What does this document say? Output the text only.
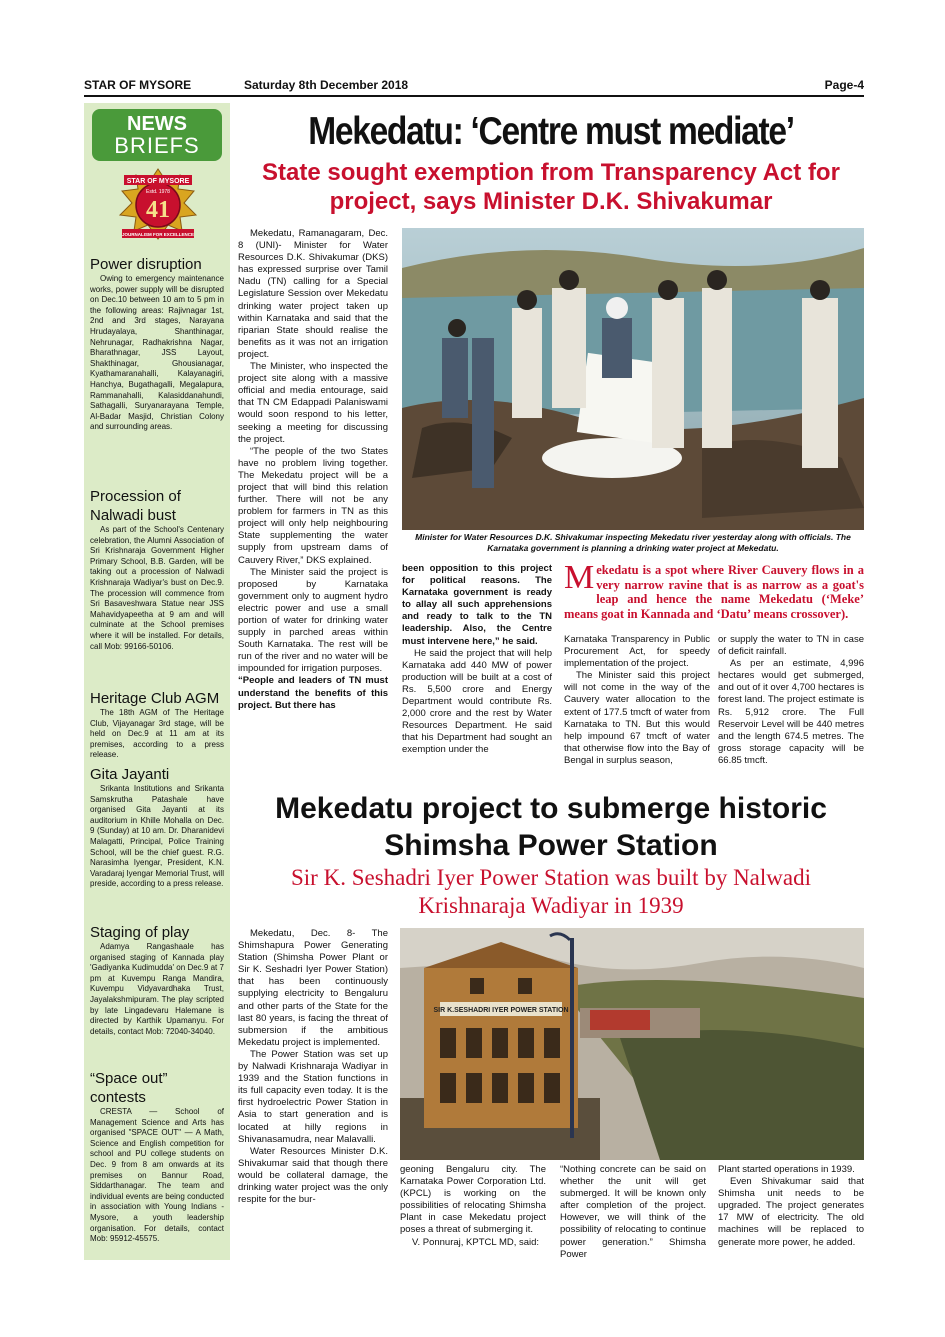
STAR OF MYSORE	Saturday 8th December 2018	Page-4
NEWS
BRIEFS
STAR OF MYSORE
Estd. 1978
41
JOURNALISM FOR EXCELLENCE
Power disruption

Owing to emergency maintenance works, power supply will be disrupted on Dec.10 between 10 am to 5 pm in the following areas: Rajivnagar 1st, 2nd and 3rd stages, Narayana Hrudayalaya, Shanthinagar, Nehrunagar, Radhakrishna Nagar, Bharathnagar, JSS Layout, Shakthinagar, Ghousianagar, Kyathamaranahalli, Kalayanagiri, Hanchya, Bugathagalli, Megalapura, Rammanahalli, Kalasiddanahundi, Sathagalli, Suryanarayana Temple, Al-Badar Masjid, Christian Colony and surrounding areas.

Procession of Nalwadi bust

As part of the School's Centenary celebration, the Alumni Association of Sri Krishnaraja Government Higher Primary School, B.B. Garden, will be taking out a procession of Nalwadi Krishnaraja Wadiyar's bust on Dec.9. The procession will commence from Sri Basaveshwara Statue near JSS Mahavidyapeetha at 9 am and will culminate at the School premises where it will be installed. For details, call Mob: 99166-50106.

Heritage Club AGM

The 18th AGM of The Heritage Club, Vijayanagar 3rd stage, will be held on Dec.9 at 11 am at its premises, according to a press release.

Gita Jayanti

Srikanta Institutions and Srikanta Samskrutha Patashale have organised Gita Jayanti at its auditorium in Khille Mohalla on Dec. 9 (Sunday) at 10 am. Dr. Dharanidevi Malagatti, Principal, Police Training School, will be the chief guest. R.G. Narasimha Iyengar, President, K.N. Varadaraj Iyengar Memorial Trust, will preside, according to a press release.

Staging of play

Adamya Rangashaale has organised staging of Kannada play 'Gadiyanka Kudimudda' on Dec.9 at 7 pm at Kuvempu Ranga Mandira, Kuvempu Vidyavardhaka Trust, Jayalakshmipuram. The play scripted by late Lingadevaru Halemane is directed by Karthik Upamanyu. For details, contact Mob: 72040-34040.

“Space out” contests

CRESTA — School of Management Science and Arts has organised "SPACE OUT" — A Math, Science and English competition for school and PU college students on Dec. 9 from 8 am onwards at its premises on Bannur Road, Siddarthanagar. The team and individual events are being conducted in association with Young Indians - Mysore, a youth leadership organisation. For details, contact Mob: 95912-45575.

Mekedatu: ‘Centre must mediate’
State sought exemption from Transparency Act for project, says Minister D.K. Shivakumar

Mekedatu, Ramanagaram, Dec. 8 (UNI)- Minister for Water Resources D.K. Shivakumar (DKS) has expressed surprise over Tamil Nadu (TN) calling for a Special Legislature Session over Mekedatu drinking water project taken up within Karnataka and said that the riparian State should realise the benefits as it was not an irrigation project.

The Minister, who inspected the project site along with a massive official and media entourage, said that TN CM Edappadi Palaniswami would soon respond to his letter, seeking a meeting for discussing the project.

“The people of the two States have no problem living together. The Mekedatu project will be a project that will bind this relation further. There will not be any problem for farmers in TN as this project will only help neighbouring State supplementing the water supply from upstream dams of Cauvery River,” DKS explained.

The Minister said the project is proposed by Karnataka government only to augment hydro electric power and use a small portion of water for drinking water supply in parched areas within South Karnataka. The rest will be run of the river and no water will be impounded for irrigation purposes.

“People and leaders of TN must understand the benefits of this project. But there has

Minister for Water Resources D.K. Shivakumar inspecting Mekedatu river yesterday along with officials. The Karnataka government is planning a drinking water project at Mekedatu.

been opposition to this project for political reasons. The Karnataka government is ready to allay all such apprehensions and ready to talk to the TN leadership. Also, the Centre must intervene here,” he said.

He said the project that will help Karnataka add 440 MW of power production will be built at a cost of Rs. 5,500 crore and Energy Department would contribute Rs. 2,000 crore and the rest by Water Resources Department. He said that his Department had sought an exemption under the

Mekedatu is a spot where River Cauvery flows in a very narrow ravine that is as narrow as a goat's leap and hence the name Mekedatu (‘Meke’ means goat in Kannada and ‘Datu’ means crossover).

Karnataka Transparency in Public Procurement Act, for speedy implementation of the project.

The Minister said this project will not come in the way of the Cauvery water allocation to the extent of 177.5 tmcft of water from Karnataka to TN. But this would help impound 67 tmcft of water that otherwise flow into the Bay of Bengal in surplus season,

or supply the water to TN in case of deficit rainfall.

As per an estimate, 4,996 hectares would get submerged, and out of it over 4,700 hectares is forest land. The project estimate is Rs. 5,912 crore. The Full Reservoir Level will be 440 metres and the length 674.5 metres. The gross storage capacity will be 66.85 tmcft.

Mekedatu project to submerge historic Shimsha Power Station
Sir K. Seshadri Iyer Power Station was built by Nalwadi Krishnaraja Wadiyar in 1939

Mekedatu, Dec. 8- The Shimshapura Power Generating Station (Shimsha Power Plant or Sir K. Seshadri Iyer Power Station) that has been continuously supplying electricity to Bengaluru and other parts of the State for the last 80 years, is facing the threat of submersion if the ambitious Mekedatu project is implemented.

The Power Station was set up by Nalwadi Krishnaraja Wadiyar in 1939 and the Station functions in its full capacity even today. It is the first hydroelectric Power Station in Asia to start generation and is located at hilly regions in Shivanasamudra, near Malavalli.

Water Resources Minister D.K. Shivakumar said that though there would be collateral damage, the drinking water project was the only respite for the bur-

SIR K.SESHADRI IYER POWER STATION

geoning Bengaluru city. The Karnataka Power Corporation Ltd. (KPCL) is working on the possibilities of relocating Shimsha Plant in case Mekedatu project poses a threat of submerging it.

V. Ponnuraj, KPTCL MD, said:

“Nothing concrete can be said on whether the unit will get submerged. It will be known only after completion of the project. However, we will think of the possibility of relocating to continue power generation.” Shimsha Power

Plant started operations in 1939.

Even Shivakumar said that Shimsha unit needs to be upgraded. The project generates 17 MW of electricity. The old machines will be replaced to generate more power, he added.
